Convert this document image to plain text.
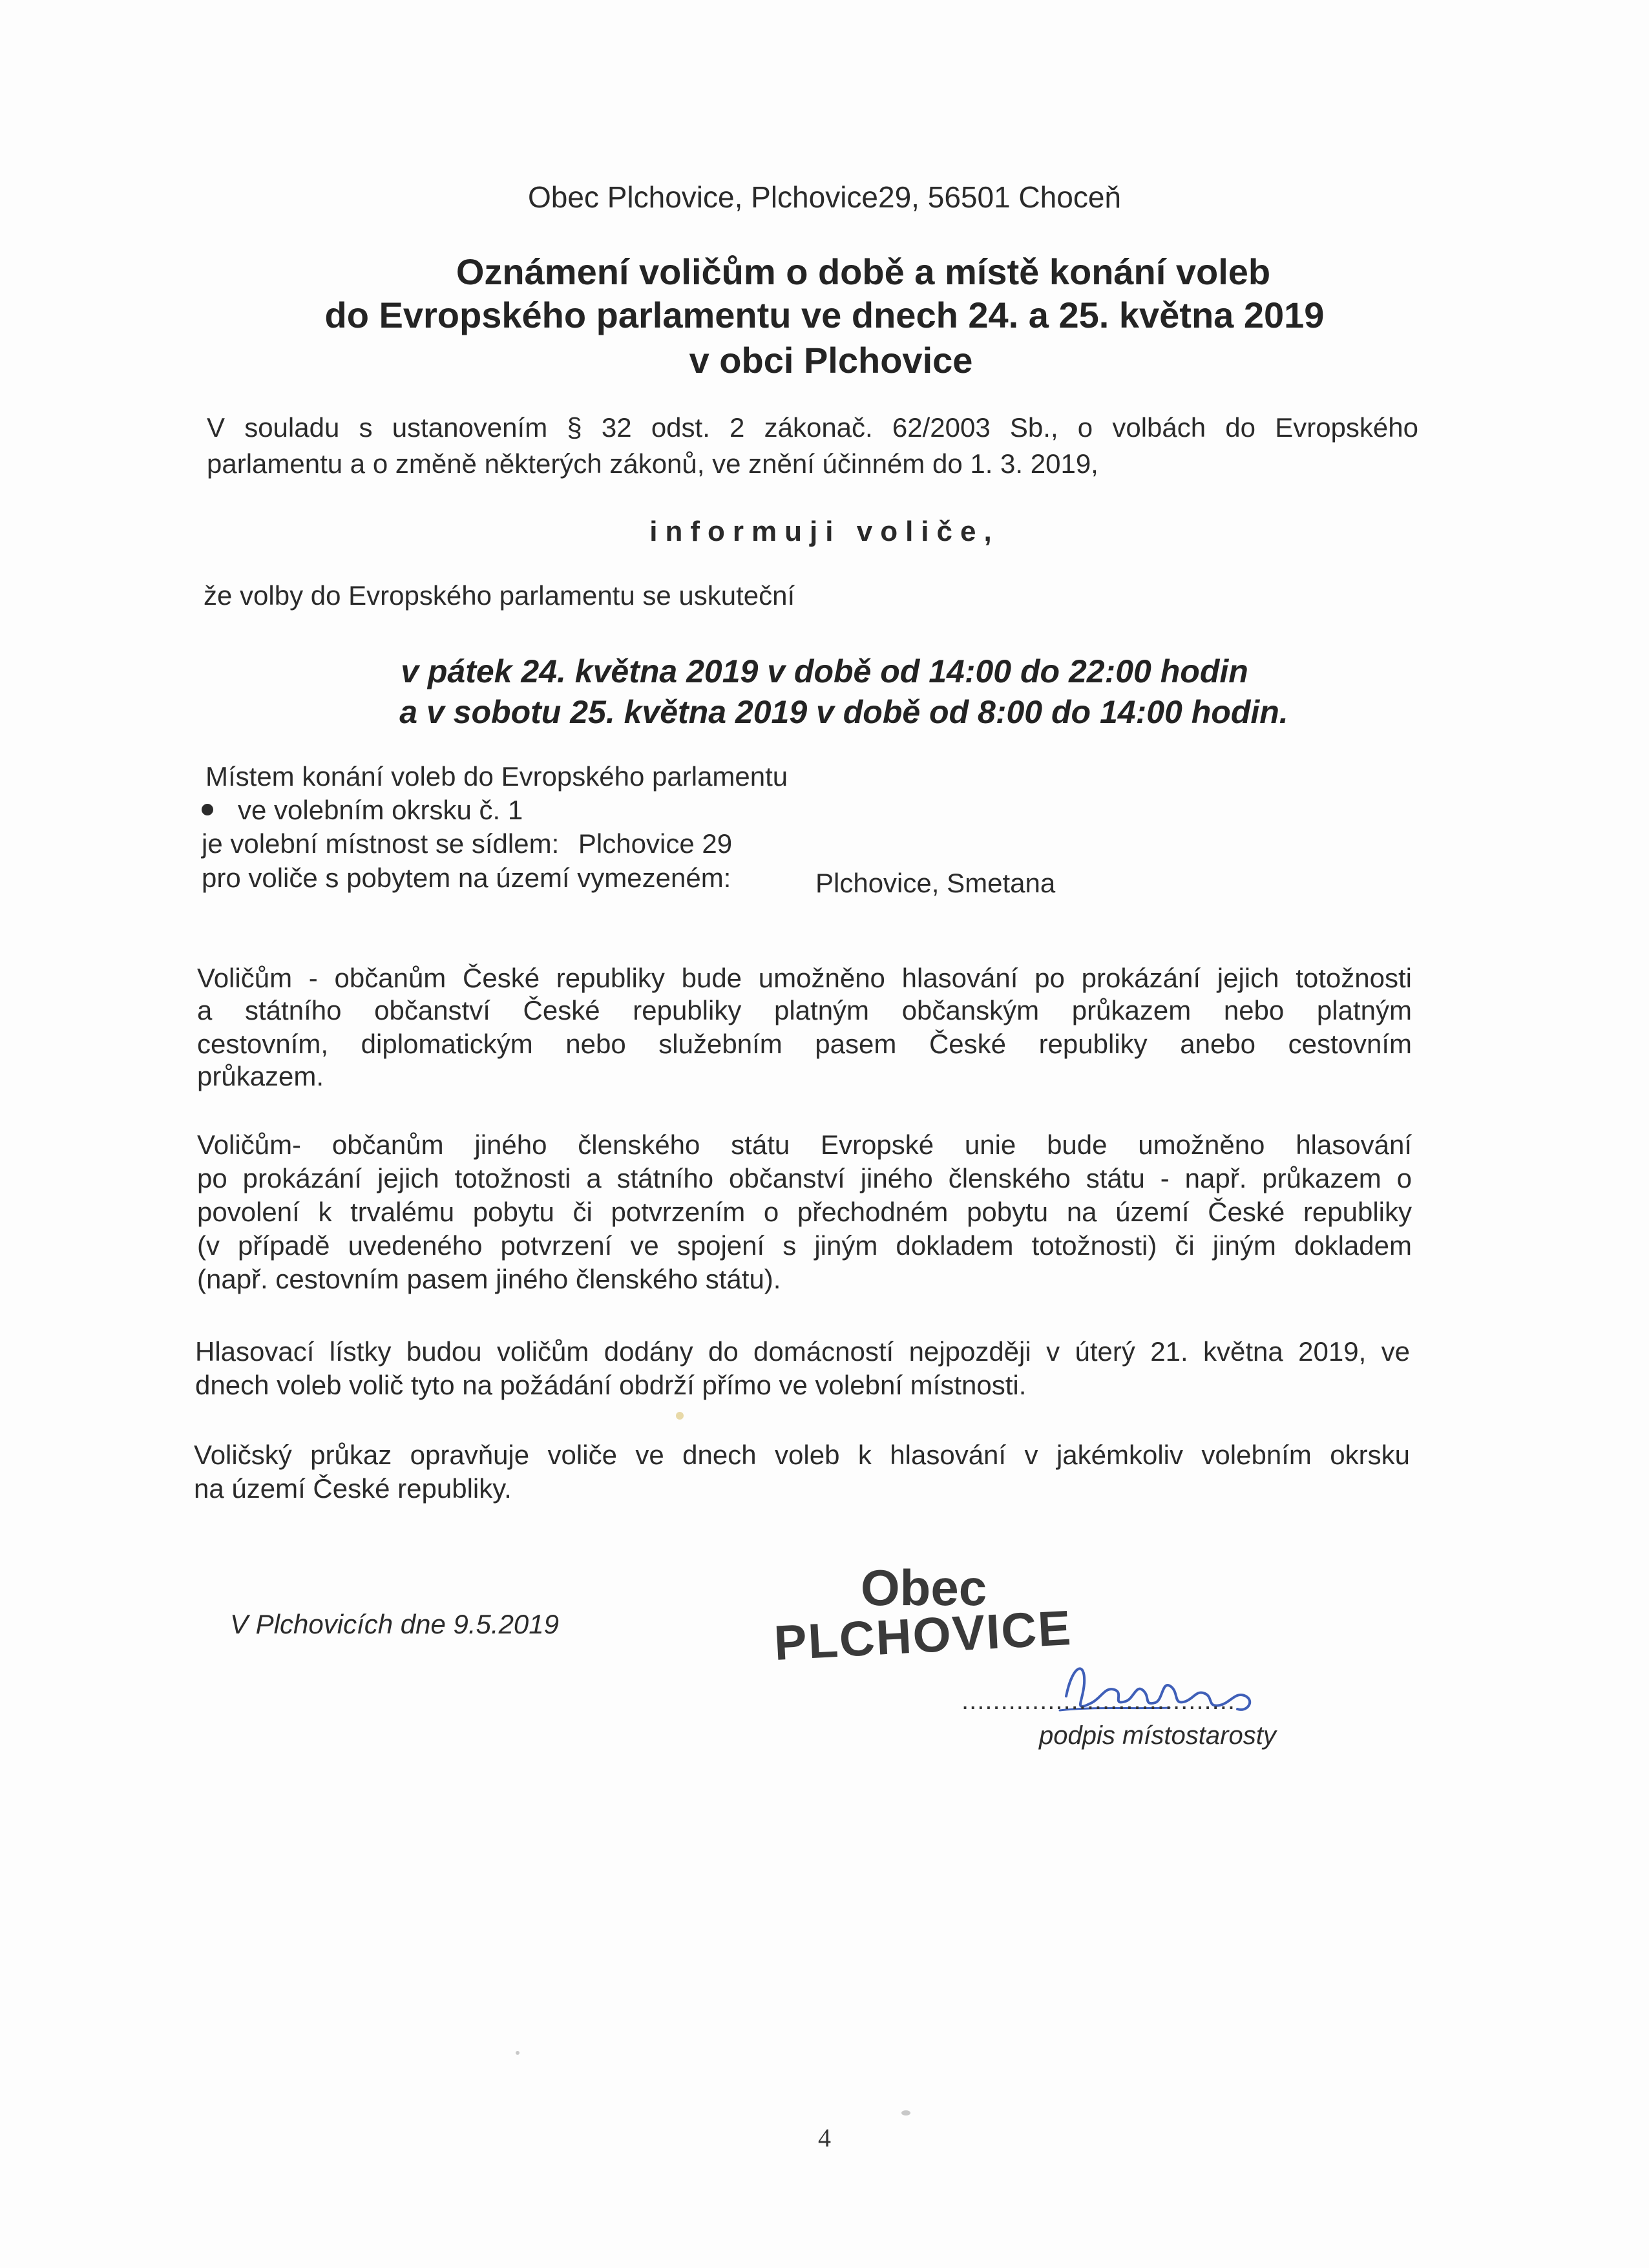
Obec Plchovice, Plchovice29, 56501 Choceň
Oznámení voličům o době a místě konání voleb
do Evropského parlamentu ve dnech 24. a 25. května 2019
v obci Plchovice
V souladu s ustanovením § 32 odst. 2 zákonač. 62/2003 Sb., o volbách do Evropského
parlamentu a o změně některých zákonů, ve znění účinném do 1. 3. 2019,
informuji voliče,
že volby do Evropského parlamentu se uskuteční
v pátek 24. května 2019 v době od 14:00 do 22:00 hodin
a v sobotu 25. května 2019 v době od 8:00 do 14:00 hodin.
Místem konání voleb do Evropského parlamentu
ve volebním okrsku č. 1
je volební místnost se sídlem: Plchovice 29
pro voliče s pobytem na území vymezeném:	Plchovice, Smetana
Voličům - občanům České republiky bude umožněno hlasování po prokázání jejich totožnosti
a státního občanství České republiky platným občanským průkazem nebo platným
cestovním, diplomatickým nebo služebním pasem České republiky anebo cestovním
průkazem.
Voličům- občanům jiného členského státu Evropské unie bude umožněno hlasování
po prokázání jejich totožnosti a státního občanství jiného členského státu - např. průkazem o
povolení k trvalému pobytu či potvrzením o přechodném pobytu na území České republiky
(v případě uvedeného potvrzení ve spojení s jiným dokladem totožnosti) či jiným dokladem
(např. cestovním pasem jiného členského státu).
Hlasovací lístky budou voličům dodány do domácností nejpozději v úterý 21. května 2019, ve
dnech voleb volič tyto na požádání obdrží přímo ve volební místnosti.
Voličský průkaz opravňuje voliče ve dnech voleb k hlasování v jakémkoliv volebním okrsku
na území České republiky.
V Plchovicích dne 9.5.2019
Obec
PLCHOVICE
...................................
podpis místostarosty
4
